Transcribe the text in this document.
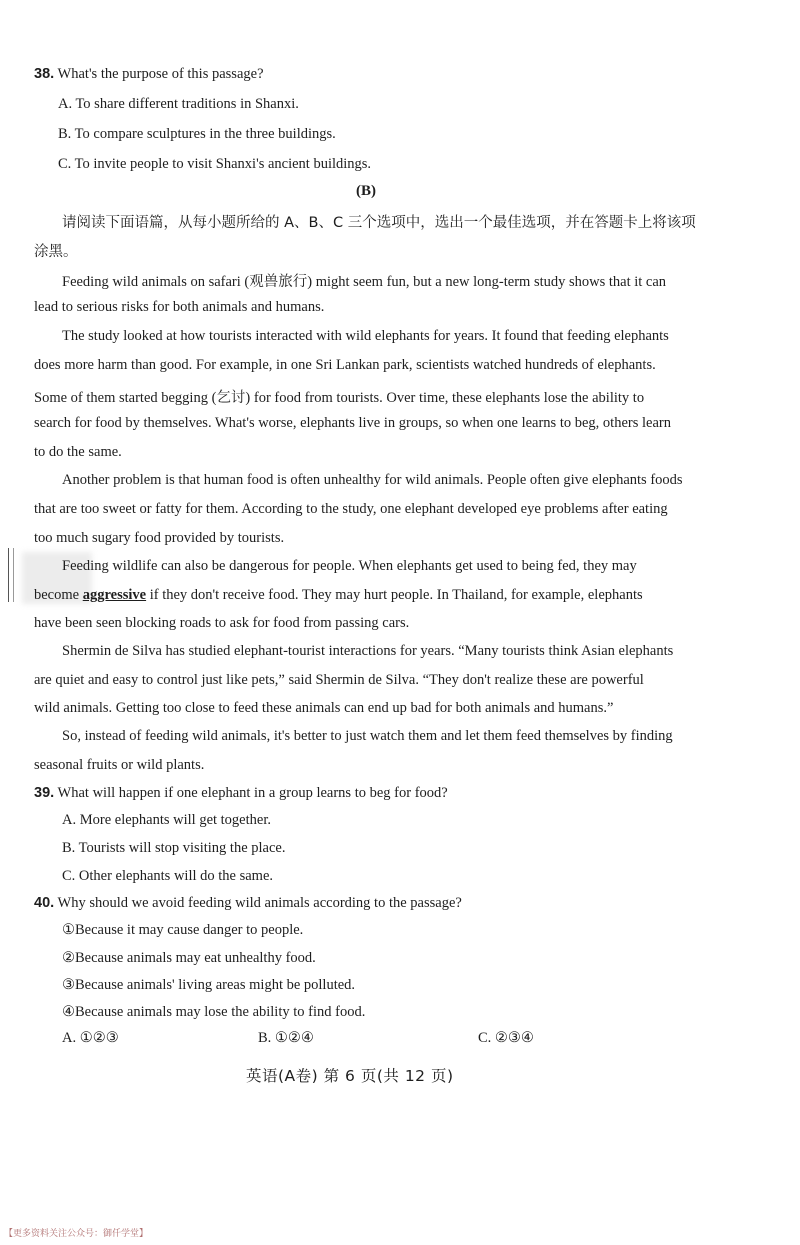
38. What's the purpose of this passage?
A. To share different traditions in Shanxi.
B. To compare sculptures in the three buildings.
C. To invite people to visit Shanxi's ancient buildings.
(B)
请阅读下面语篇，从每小题所给的 A、B、C 三个选项中，选出一个最佳选项，并在答题卡上将该项
涂黑。
Feeding wild animals on safari (观兽旅行) might seem fun, but a new long-term study shows that it can
lead to serious risks for both animals and humans.
The study looked at how tourists interacted with wild elephants for years. It found that feeding elephants
does more harm than good. For example, in one Sri Lankan park, scientists watched hundreds of elephants.
Some of them started begging (乞讨) for food from tourists. Over time, these elephants lose the ability to
search for food by themselves. What's worse, elephants live in groups, so when one learns to beg, others learn
to do the same.
Another problem is that human food is often unhealthy for wild animals. People often give elephants foods
that are too sweet or fatty for them. According to the study, one elephant developed eye problems after eating
too much sugary food provided by tourists.
Feeding wildlife can also be dangerous for people. When elephants get used to being fed, they may
become aggressive if they don't receive food. They may hurt people. In Thailand, for example, elephants
have been seen blocking roads to ask for food from passing cars.
Shermin de Silva has studied elephant-tourist interactions for years. “Many tourists think Asian elephants
are quiet and easy to control just like pets,” said Shermin de Silva. “They don't realize these are powerful
wild animals. Getting too close to feed these animals can end up bad for both animals and humans.”
So, instead of feeding wild animals, it's better to just watch them and let them feed themselves by finding
seasonal fruits or wild plants.
39. What will happen if one elephant in a group learns to beg for food?
A. More elephants will get together.
B. Tourists will stop visiting the place.
C. Other elephants will do the same.
40. Why should we avoid feeding wild animals according to the passage?
①Because it may cause danger to people.
②Because animals may eat unhealthy food.
③Because animals' living areas might be polluted.
④Because animals may lose the ability to find food.
A. ①②③	B. ①②④	C. ②③④
英语(A卷) 第 6 页(共 12 页)
【更多资料关注公众号：御仟学堂】
